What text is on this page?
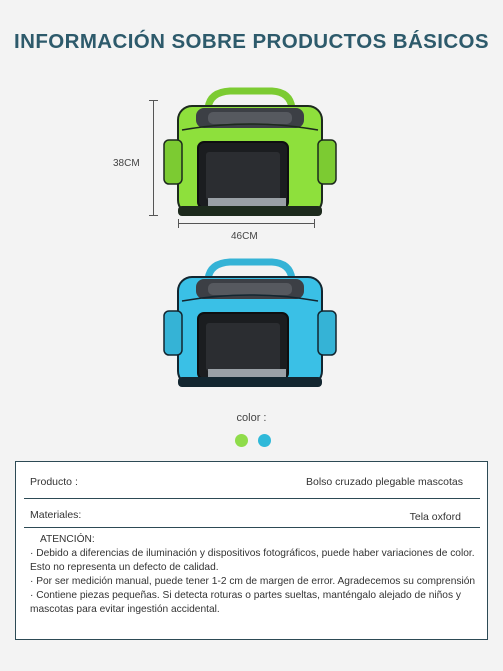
INFORMACIÓN SOBRE PRODUCTOS BÁSICOS
38CM
46CM
color :
Producto :	Bolso cruzado plegable mascotas
Materiales:	Tela oxford

ATENCIÓN:

· Debido a diferencias de iluminación y dispositivos fotográficos, puede haber variaciones de color. Esto no representa un defecto de calidad.

· Por ser medición manual, puede tener 1-2 cm de margen de error. Agradecemos su comprensión

· Contiene piezas pequeñas. Si detecta roturas o partes sueltas, manténgalo alejado de niños y mascotas para evitar ingestión accidental.
